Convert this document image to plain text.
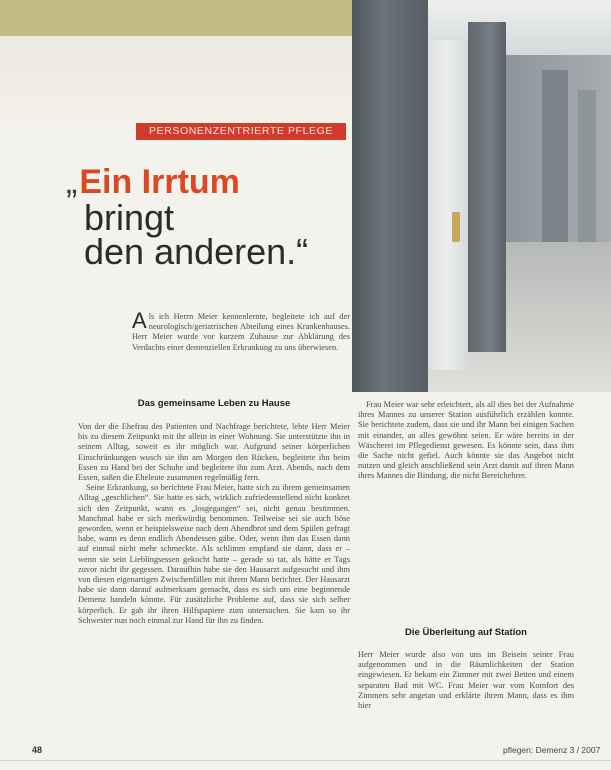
PERSONENZENTRIERTE PFLEGE
„Ein Irrtum
bringt
den anderen.“
Als ich Herrn Meier kennenlernte, begleitete ich auf der neurologisch/geriatrischen Abteilung eines Krankenhauses. Herr Meier wurde vor kurzem Zuhause zur Abklärung des Verdachts einer demenziellen Erkrankung zu uns überwiesen.
Das gemeinsame Leben zu Hause

Von der die Ehefrau des Patienten und Nachfrage berichtete, lebte Herr Meier bis zu diesem Zeitpunkt mit ihr allein in einer Wohnung. Sie unterstützte ihn in seinem Alltag, soweit es ihr möglich war. Aufgrund seiner körperlichen Einschränkungen wusch sie ihn am Morgen den Rücken, begleitete ihn beim Essen zu Hand bei der Schuhe und begleitete ihn zum Arzt. Abends, nach dem Essen, saßen die Eheleute zusammen regelmäßig fern.

Seine Erkrankung, so berichtete Frau Meier, hatte sich zu ihrem gemeinsamen Alltag „geschlichen“. Sie hatte es sich, wirklich zufriedenstellend nicht konkret sich den Zeitpunkt, wann es „losgegangen“ sei, nicht genau bestimmen. Manchmal habe er sich merkwürdig benommen. Teilweise sei sie auch böse geworden, wenn er beispielsweise nach dem Abendbrot und dem Spülen gefragt habe, wann es denn endlich Abendessen gäbe. Oder, wenn ihm das Essen dann auf einmal nicht mehr schmeckte. Als schlimm empfand sie dann, dass er – wenn sie sein Lieblingsessen gekocht hatte – gerade so tat, als hätte er Tags zuvor nicht ihr gegessen. Daraufhin habe sie den Hausarzt aufgesucht und ihm von diesen eigenartigen Zwischenfällen mit ihrem Mann berichtet. Der Hausarzt habe sie dann darauf aufmerksam gemacht, dass es sich um eine beginnende Demenz handeln könnte. Für zusätzliche Probleme auf, dass sie sich selber körperlich. Er gab ihr ihren Hilfspapiere zum untersuchen. Sie kam so ihr Schwester nun noch einmal zur Hand für ihn zu finden.

Frau Meier war sehr erleichtert, als all dies bei der Aufnahme ihres Mannes zu unserer Station ausführlich erzählen konnte. Sie berichtete zudem, dass sie und ihr Mann bei einigen Sachen mit einander, an alles gewöhnt seien. Er wäre bereits in der Wäscherei im Pflegedienst gewesen. Es könnte sein, dass ihm die Sache nicht gefiel. Auch könnte sie das Angebot nicht nutzen und gleich anschließend sein Arzt damit auf ihren Mann ihres Mannes die Bindung, die nicht Bereichehrer.

Die Überleitung auf Station

Herr Meier wurde also von uns im Beisein seiner Frau aufgenommen und in die Räumlichkeiten der Station eingewiesen. Er bekam ein Zimmer mit zwei Betten und einem separaten Bad mit WC. Frau Meier war vom Komfort des Zimmers sehr angetan und erklärte ihrem Mann, dass es ihm hier

48	pflegen: Demenz 3 / 2007
